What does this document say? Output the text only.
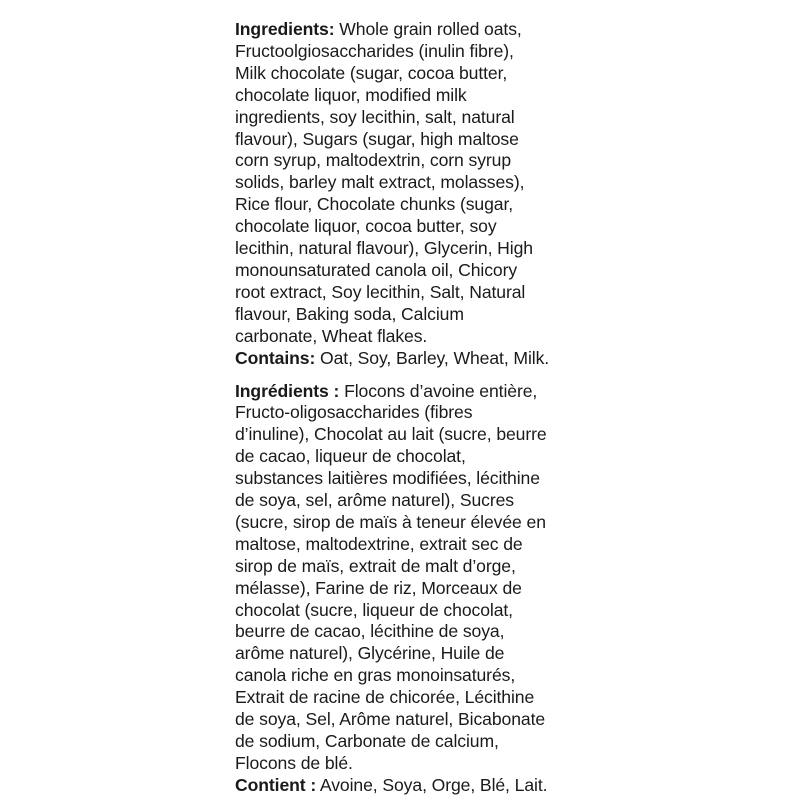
Ingredients: Whole grain rolled oats,
Fructoolgiosaccharides (inulin fibre),
Milk chocolate (sugar, cocoa butter,
chocolate liquor, modified milk
ingredients, soy lecithin, salt, natural
flavour), Sugars (sugar, high maltose
corn syrup, maltodextrin, corn syrup
solids, barley malt extract, molasses),
Rice flour, Chocolate chunks (sugar,
chocolate liquor, cocoa butter, soy
lecithin, natural flavour), Glycerin, High
monounsaturated canola oil, Chicory
root extract, Soy lecithin, Salt, Natural
flavour, Baking soda, Calcium
carbonate, Wheat flakes.

Contains: Oat, Soy, Barley, Wheat, Milk.

Ingrédients : Flocons d’avoine entière,
Fructo-oligosaccharides (fibres
d’inuline), Chocolat au lait (sucre, beurre
de cacao, liqueur de chocolat,
substances laitières modifiées, lécithine
de soya, sel, arôme naturel), Sucres
(sucre, sirop de maïs à teneur élevée en
maltose, maltodextrine, extrait sec de
sirop de maïs, extrait de malt d’orge,
mélasse), Farine de riz, Morceaux de
chocolat (sucre, liqueur de chocolat,
beurre de cacao, lécithine de soya,
arôme naturel), Glycérine, Huile de
canola riche en gras monoinsaturés,
Extrait de racine de chicorée, Lécithine
de soya, Sel, Arôme naturel, Bicabonate
de sodium, Carbonate de calcium,
Flocons de blé.

Contient : Avoine, Soya, Orge, Blé, Lait.
